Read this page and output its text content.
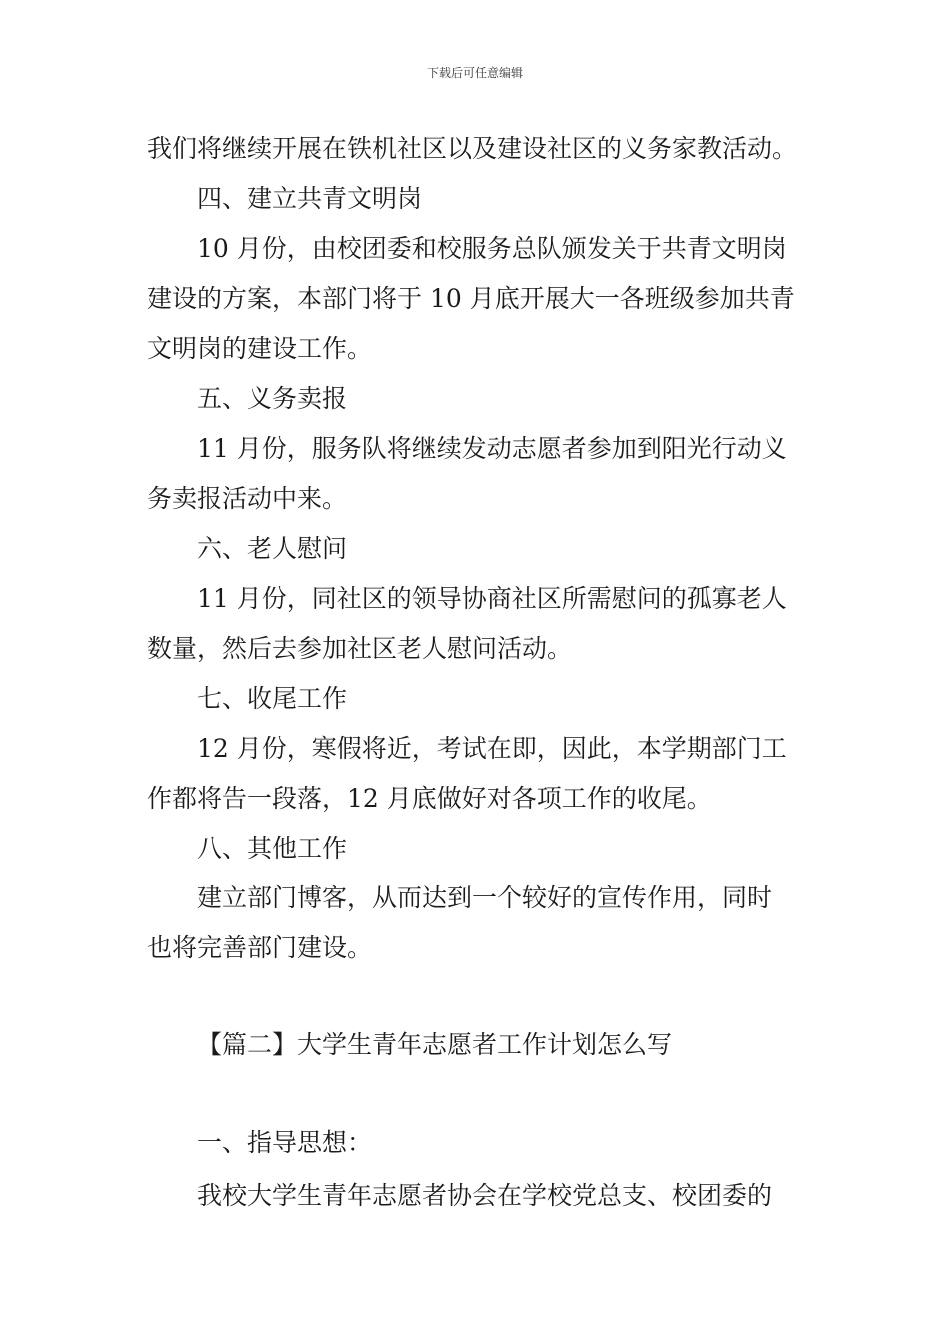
下载后可任意编辑
我们将继续开展在铁机社区以及建设社区的义务家教活动。
四、建立共青文明岗
10 月份，由校团委和校服务总队颁发关于共青文明岗
建设的方案，本部门将于 10 月底开展大一各班级参加共青
文明岗的建设工作。
五、义务卖报
11 月份，服务队将继续发动志愿者参加到阳光行动义
务卖报活动中来。
六、老人慰问
11 月份，同社区的领导协商社区所需慰问的孤寡老人
数量，然后去参加社区老人慰问活动。
七、收尾工作
12 月份，寒假将近，考试在即，因此，本学期部门工
作都将告一段落，12 月底做好对各项工作的收尾。
八、其他工作
建立部门博客，从而达到一个较好的宣传作用，同时
也将完善部门建设。
【篇二】大学生青年志愿者工作计划怎么写
一、指导思想：
我校大学生青年志愿者协会在学校党总支、校团委的
